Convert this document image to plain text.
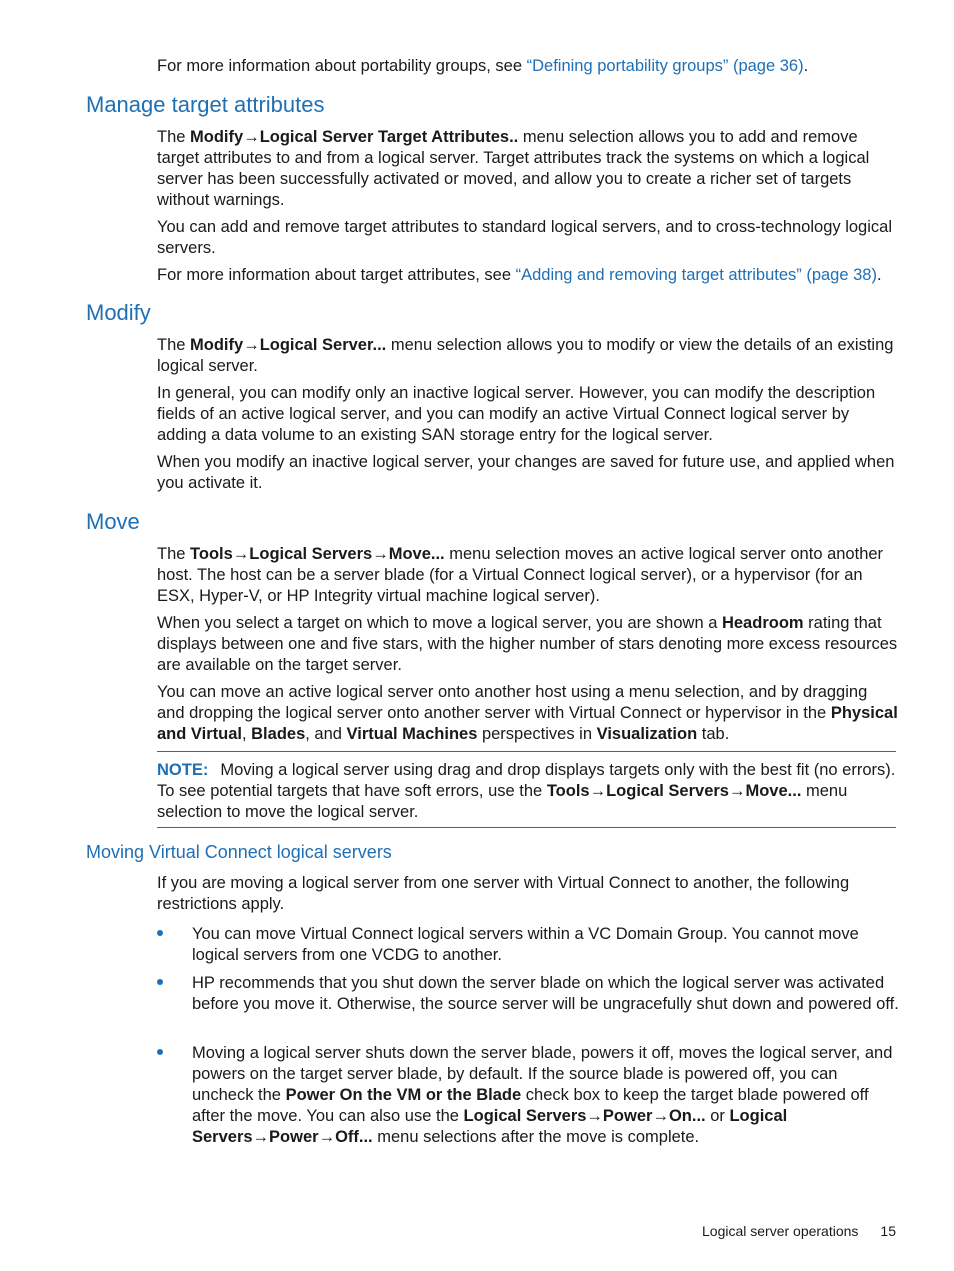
For more information about portability groups, see “Defining portability groups” (page 36).

Manage target attributes

The Modify→Logical Server Target Attributes.. menu selection allows you to add and remove target attributes to and from a logical server. Target attributes track the systems on which a logical server has been successfully activated or moved, and allow you to create a richer set of targets without warnings.

You can add and remove target attributes to standard logical servers, and to cross-technology logical servers.

For more information about target attributes, see “Adding and removing target attributes” (page 38).

Modify

The Modify→Logical Server... menu selection allows you to modify or view the details of an existing logical server.

In general, you can modify only an inactive logical server. However, you can modify the description fields of an active logical server, and you can modify an active Virtual Connect logical server by adding a data volume to an existing SAN storage entry for the logical server.

When you modify an inactive logical server, your changes are saved for future use, and applied when you activate it.

Move

The Tools→Logical Servers→Move... menu selection moves an active logical server onto another host. The host can be a server blade (for a Virtual Connect logical server), or a hypervisor (for an ESX, Hyper-V, or HP Integrity virtual machine logical server).

When you select a target on which to move a logical server, you are shown a Headroom rating that displays between one and five stars, with the higher number of stars denoting more excess resources are available on the target server.

You can move an active logical server onto another host using a menu selection, and by dragging and dropping the logical server onto another server with Virtual Connect or hypervisor in the Physical and Virtual, Blades, and Virtual Machines perspectives in Visualization tab.

NOTE: Moving a logical server using drag and drop displays targets only with the best fit (no errors). To see potential targets that have soft errors, use the Tools→Logical Servers→Move... menu selection to move the logical server.

Moving Virtual Connect logical servers

If you are moving a logical server from one server with Virtual Connect to another, the following restrictions apply.

You can move Virtual Connect logical servers within a VC Domain Group. You cannot move logical servers from one VCDG to another.
HP recommends that you shut down the server blade on which the logical server was activated before you move it. Otherwise, the source server will be ungracefully shut down and powered off.
Moving a logical server shuts down the server blade, powers it off, moves the logical server, and powers on the target server blade, by default. If the source blade is powered off, you can uncheck the Power On the VM or the Blade check box to keep the target blade powered off after the move. You can also use the Logical Servers→Power→On... or Logical Servers→Power→Off... menu selections after the move is complete.
Logical server operations 15
